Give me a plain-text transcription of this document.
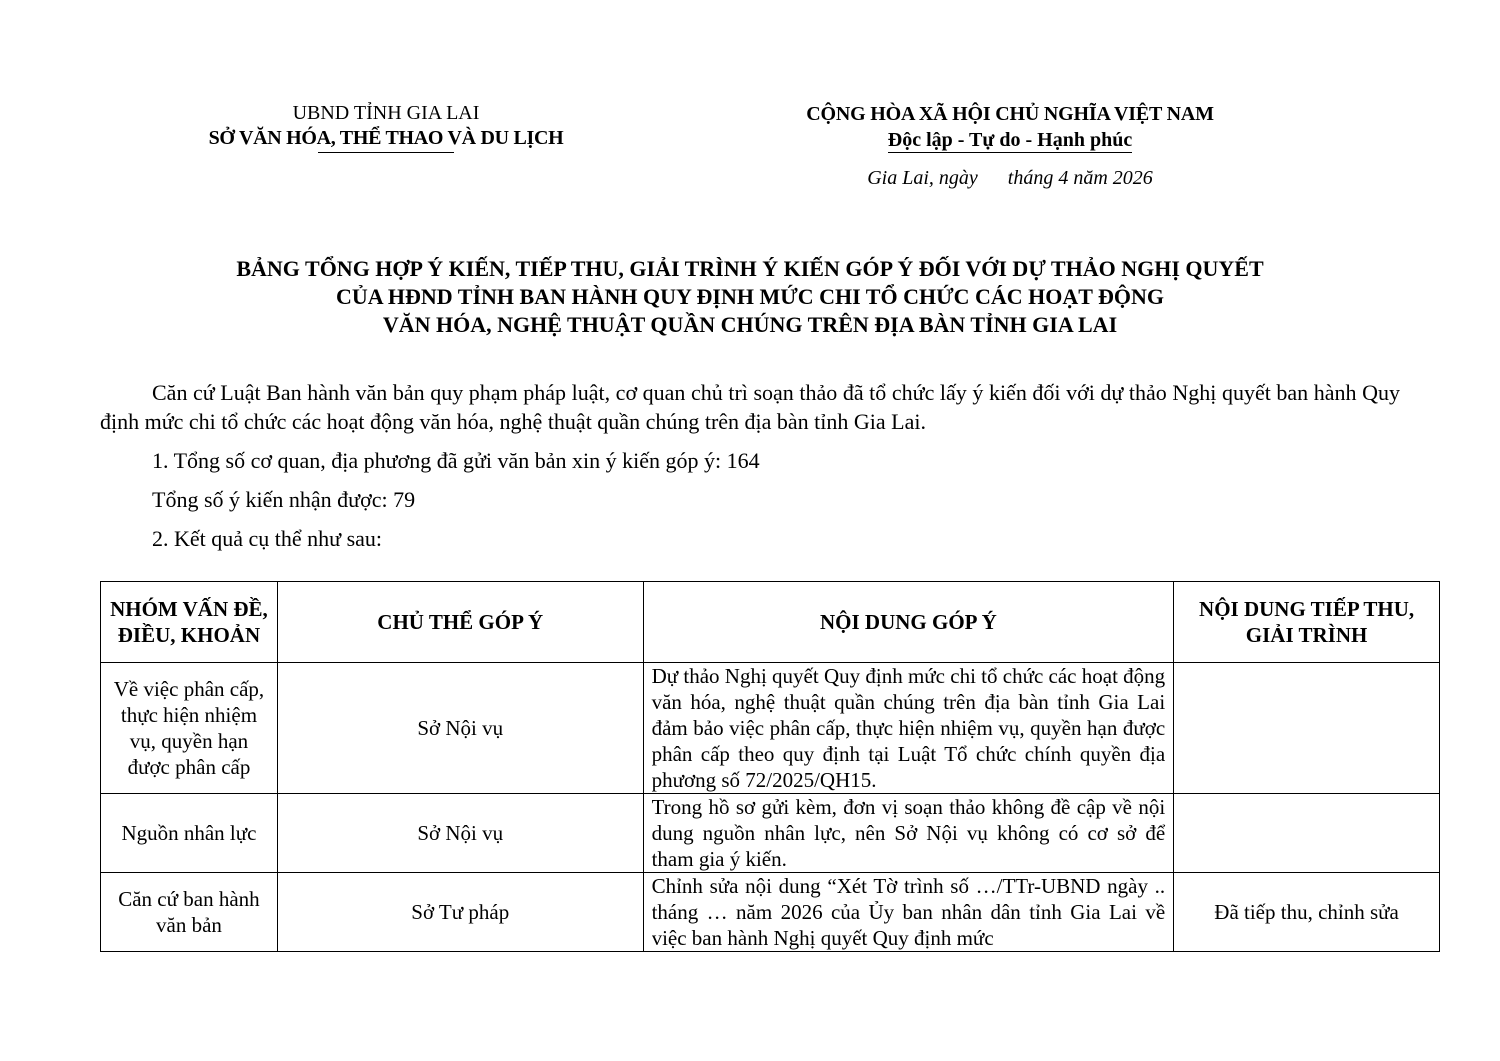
UBND TỈNH GIA LAI
SỞ VĂN HÓA, THỂ THAO VÀ DU LỊCH
CỘNG HÒA XÃ HỘI CHỦ NGHĨA VIỆT NAM
Độc lập - Tự do - Hạnh phúc
Gia Lai, ngày      tháng 4 năm 2026
BẢNG TỔNG HỢP Ý KIẾN, TIẾP THU, GIẢI TRÌNH Ý KIẾN GÓP Ý ĐỐI VỚI DỰ THẢO NGHỊ QUYẾT
CỦA HĐND TỈNH BAN HÀNH QUY ĐỊNH MỨC CHI TỔ CHỨC CÁC HOẠT ĐỘNG
VĂN HÓA, NGHỆ THUẬT QUẦN CHÚNG TRÊN ĐỊA BÀN TỈNH GIA LAI

Căn cứ Luật Ban hành văn bản quy phạm pháp luật, cơ quan chủ trì soạn thảo đã tổ chức lấy ý kiến đối với dự thảo Nghị quyết ban hành Quy định mức chi tổ chức các hoạt động văn hóa, nghệ thuật quần chúng trên địa bàn tỉnh Gia Lai.

1. Tổng số cơ quan, địa phương đã gửi văn bản xin ý kiến góp ý: 164

Tổng số ý kiến nhận được: 79

2. Kết quả cụ thể như sau:

NHÓM VẤN ĐỀ, ĐIỀU, KHOẢN	CHỦ THỂ GÓP Ý	NỘI DUNG GÓP Ý	NỘI DUNG TIẾP THU, GIẢI TRÌNH
Về việc phân cấp, thực hiện nhiệm vụ, quyền hạn được phân cấp	Sở Nội vụ	Dự thảo Nghị quyết Quy định mức chi tổ chức các hoạt động văn hóa, nghệ thuật quần chúng trên địa bàn tỉnh Gia Lai đảm bảo việc phân cấp, thực hiện nhiệm vụ, quyền hạn được phân cấp theo quy định tại Luật Tổ chức chính quyền địa phương số 72/2025/QH15.	
Nguồn nhân lực	Sở Nội vụ	Trong hồ sơ gửi kèm, đơn vị soạn thảo không đề cập về nội dung nguồn nhân lực, nên Sở Nội vụ không có cơ sở để tham gia ý kiến.	
Căn cứ ban hành văn bản	Sở Tư pháp	Chỉnh sửa nội dung “Xét Tờ trình số …/TTr-UBND ngày .. tháng … năm 2026 của Ủy ban nhân dân tỉnh Gia Lai về việc ban hành Nghị quyết Quy định mức	Đã tiếp thu, chỉnh sửa
